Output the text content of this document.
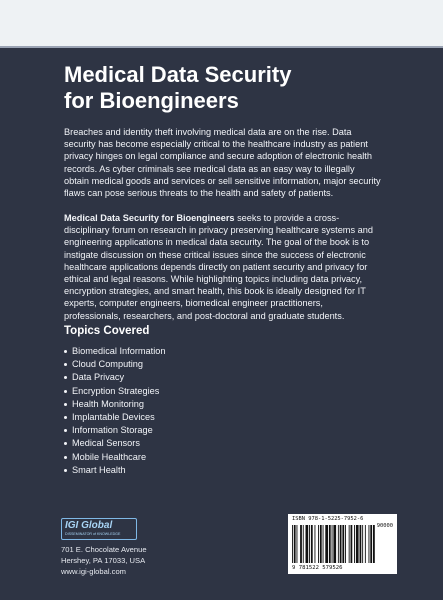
Medical Data Security
for Bioengineers

Breaches and identity theft involving medical data are on the rise. Data security has become especially critical to the healthcare industry as patient privacy hinges on legal compliance and secure adoption of electronic health records. As cyber criminals see medical data as an easy way to illegally obtain medical goods and services or sell sensitive information, major security flaws can pose serious threats to the health and safety of patients.

Medical Data Security for Bioengineers seeks to provide a cross-disciplinary forum on research in privacy preserving healthcare systems and engineering applications in medical data security. The goal of the book is to instigate discussion on these critical issues since the success of electronic healthcare applications depends directly on patient security and privacy for ethical and legal reasons. While highlighting topics including data privacy, encryption strategies, and smart health, this book is ideally designed for IT experts, computer engineers, biomedical engineer practitioners, professionals, researchers, and post-doctoral and graduate students.

Topics Covered
Biomedical Information
Cloud Computing
Data Privacy
Encryption Strategies
Health Monitoring
Implantable Devices
Information Storage
Medical Sensors
Mobile Healthcare
Smart Health
IGI Global
DISSEMINATOR of KNOWLEDGE
701 E. Chocolate Avenue
Hershey, PA 17033, USA
www.igi-global.com
ISBN 978-1-5225-7952-6
90000
9 781522 579526
